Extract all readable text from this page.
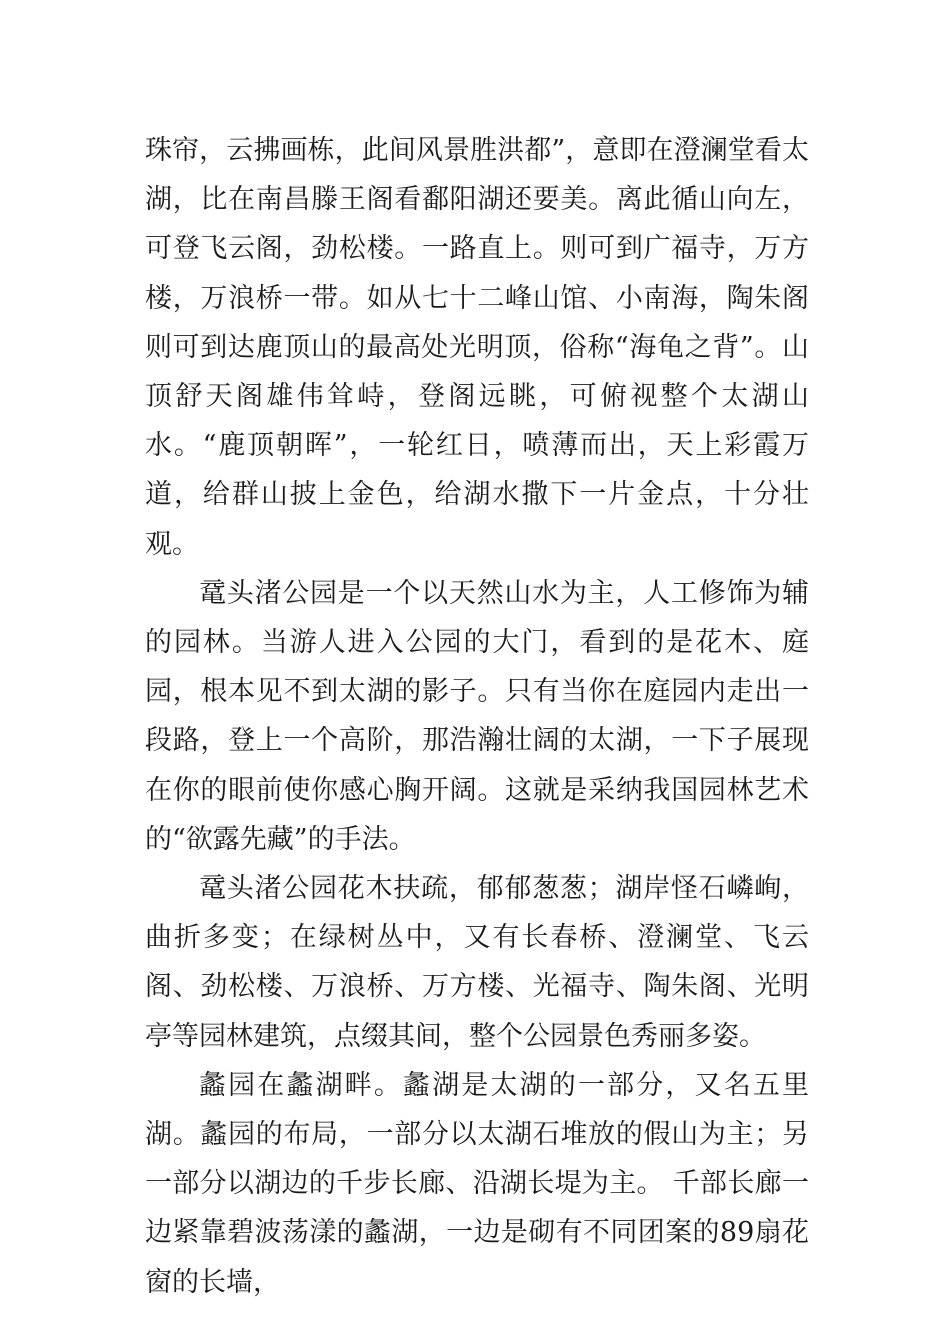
珠帘，云拂画栋，此间风景胜洪都”，意即在澄澜堂看太湖，比在南昌滕王阁看鄱阳湖还要美。离此循山向左，可登飞云阁，劲松楼。一路直上。则可到广福寺，万方楼，万浪桥一带。如从七十二峰山馆、小南海，陶朱阁则可到达鹿顶山的最高处光明顶，俗称“海龟之背”。山顶舒天阁雄伟耸峙，登阁远眺，可俯视整个太湖山水。“鹿顶朝晖”，一轮红日，喷薄而出，天上彩霞万道，给群山披上金色，给湖水撒下一片金点，十分壮观。

鼋头渚公园是一个以天然山水为主，人工修饰为辅的园林。当游人进入公园的大门，看到的是花木、庭园，根本见不到太湖的影子。只有当你在庭园内走出一段路，登上一个高阶，那浩瀚壮阔的太湖，一下子展现在你的眼前使你感心胸开阔。这就是采纳我国园林艺术的“欲露先藏”的手法。

鼋头渚公园花木扶疏，郁郁葱葱；湖岸怪石嶙峋，曲折多变；在绿树丛中，又有长春桥、澄澜堂、飞云阁、劲松楼、万浪桥、万方楼、光福寺、陶朱阁、光明亭等园林建筑，点缀其间，整个公园景色秀丽多姿。

蠡园在蠡湖畔。蠡湖是太湖的一部分，又名五里湖。蠡园的布局，一部分以太湖石堆放的假山为主；另一部分以湖边的千步长廊、沿湖长堤为主。 千部长廊一边紧靠碧波荡漾的蠡湖，一边是砌有不同团案的89扇花窗的长墙，
